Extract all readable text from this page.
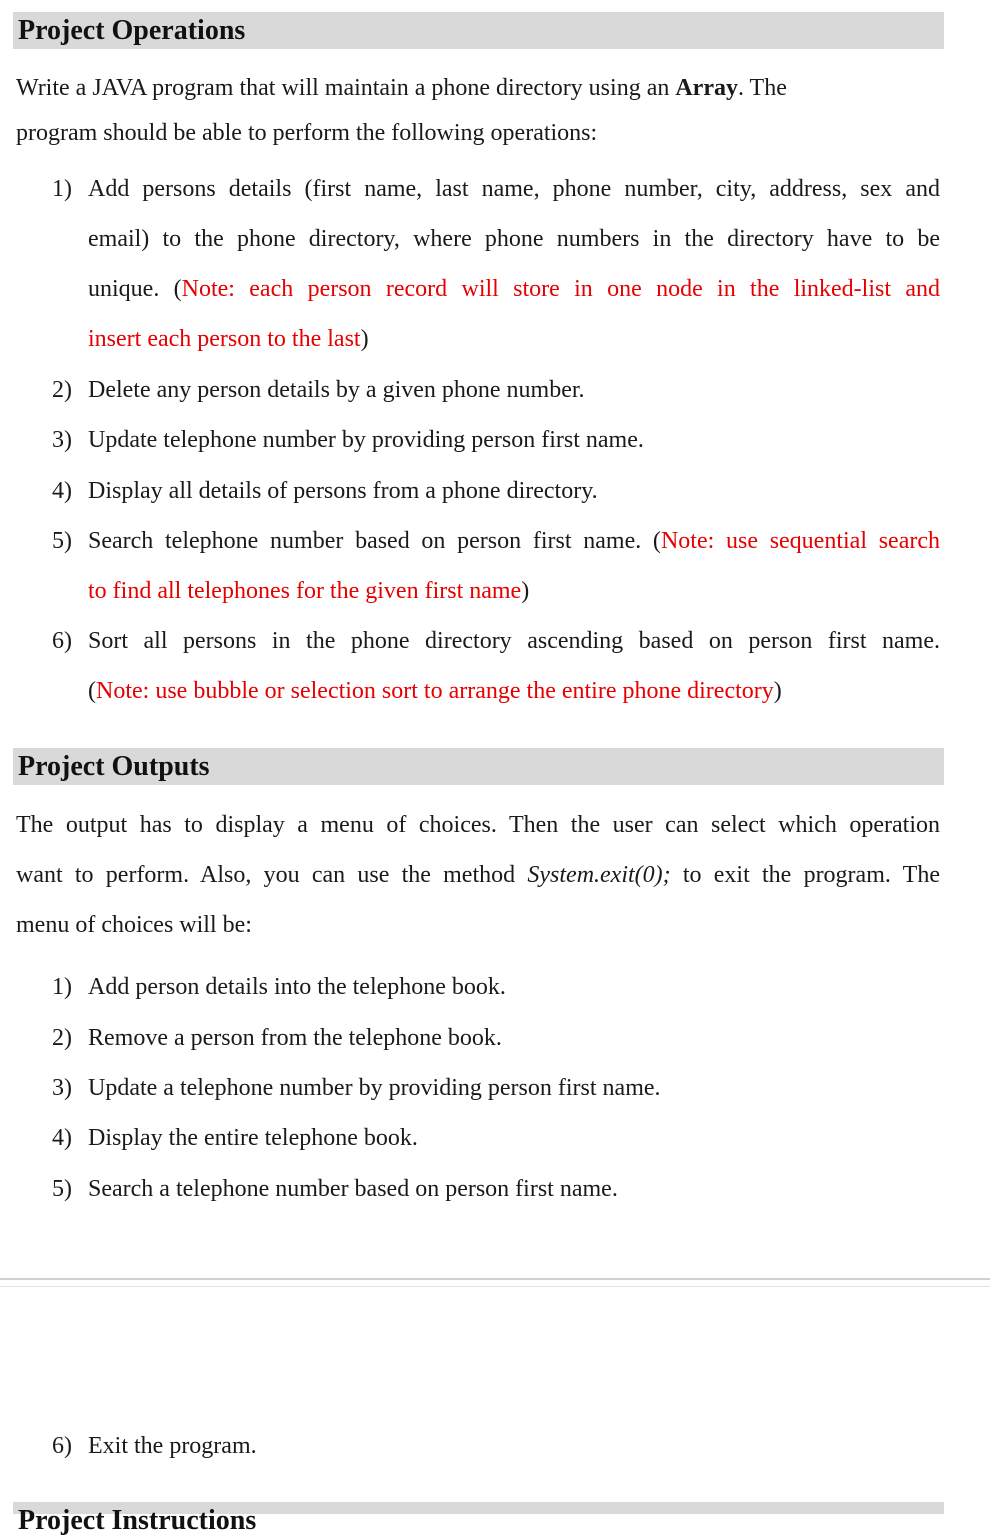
Project Operations
Write a JAVA program that will maintain a phone directory using an Array. The
program should be able to perform the following operations:
1) Add persons details (first name, last name, phone number, city, address, sex and
email) to the phone directory, where phone numbers in the directory have to be
unique. (Note: each person record will store in one node in the linked-list and
insert each person to the last)
2) Delete any person details by a given phone number.
3) Update telephone number by providing person first name.
4) Display all details of persons from a phone directory.
5) Search telephone number based on person first name. (Note: use sequential search
to find all telephones for the given first name)
6) Sort all persons in the phone directory ascending based on person first name.
(Note: use bubble or selection sort to arrange the entire phone directory)
Project Outputs
The output has to display a menu of choices. Then the user can select which operation
want to perform. Also, you can use the method System.exit(0); to exit the program. The
menu of choices will be:
1) Add person details into the telephone book.
2) Remove a person from the telephone book.
3) Update a telephone number by providing person first name.
4) Display the entire telephone book.
5) Search a telephone number based on person first name.
6) Exit the program.
Project Instructions
